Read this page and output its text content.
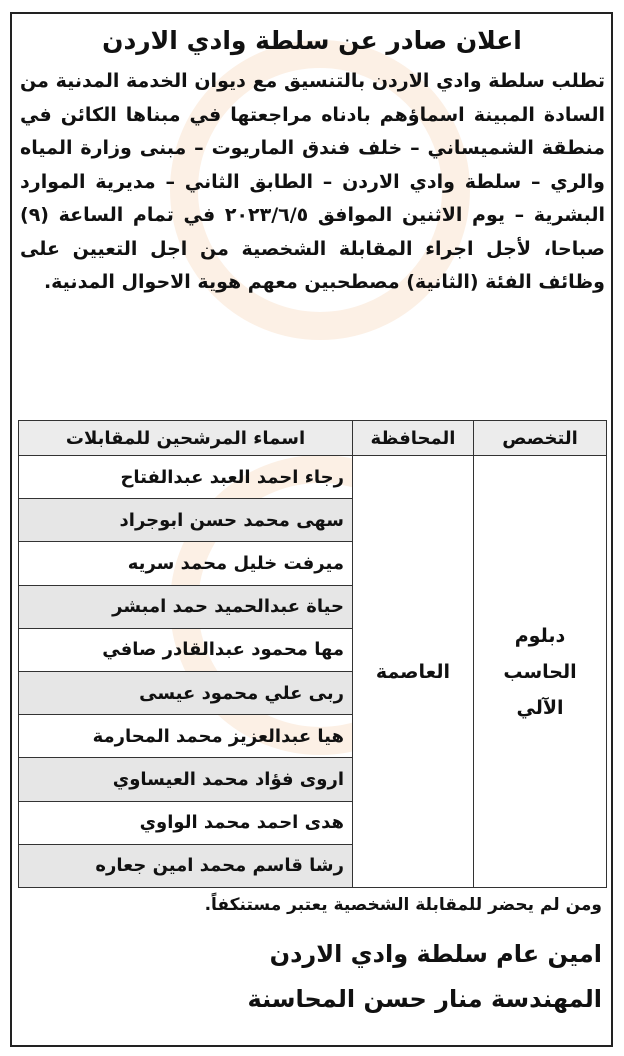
اعلان صادر عن سلطة وادي الاردن
تطلب سلطة وادي الاردن بالتنسيق مع ديوان الخدمة المدنية من السادة المبينة اسماؤهم بادناه مراجعتها في مبناها الكائن في منطقة الشميساني – خلف فندق الماريوت – مبنى وزارة المياه والري – سلطة وادي الاردن – الطابق الثاني – مديرية الموارد البشرية – يوم الاثنين الموافق ٢٠٢٣/٦/٥ في تمام الساعة (٩) صباحا، لأجل اجراء المقابلة الشخصية من اجل التعيين على وظائف الفئة (الثانية) مصطحبين معهم هوية الاحوال المدنية.
التخصص	المحافظة	اسماء المرشحين للمقابلات
دبلوم الحاسب الآلي	العاصمة	رجاء احمد العبد عبدالفتاح
		سهى محمد حسن ابوجراد
		ميرفت خليل محمد سريه
		حياة عبدالحميد حمد امبشر
		مها محمود عبدالقادر صافي
		ربى علي محمود عيسى
		هيا عبدالعزيز محمد المحارمة
		اروى فؤاد محمد العيساوي
		هدى احمد محمد الواوي
		رشا قاسم محمد امين جعاره
ومن لم يحضر للمقابلة الشخصية يعتبر مستنكفاً.
امين عام سلطة وادي الاردن
المهندسة منار حسن المحاسنة
